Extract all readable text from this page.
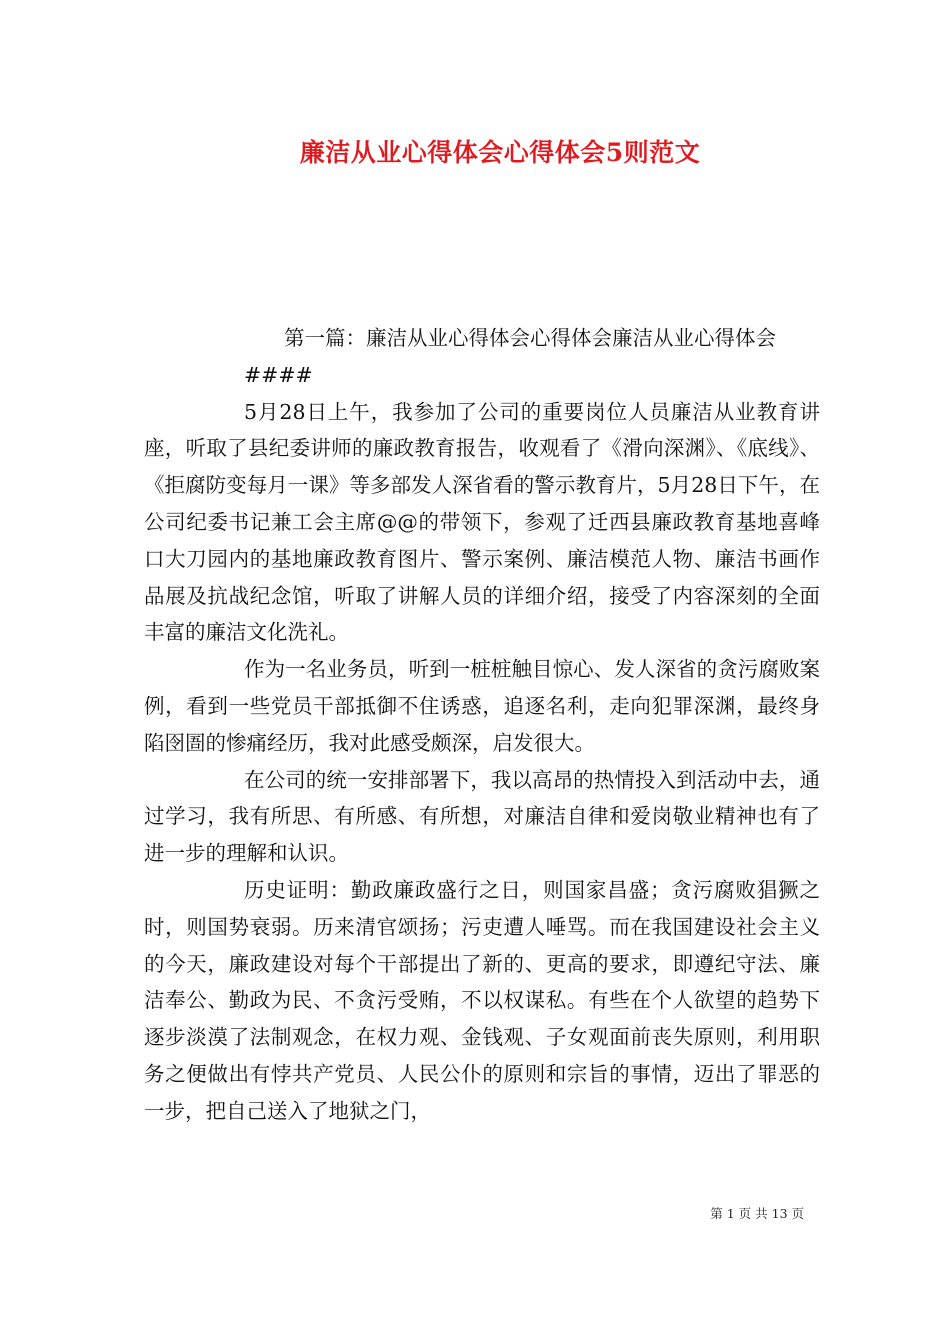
廉洁从业心得体会心得体会5则范文

第一篇：廉洁从业心得体会心得体会廉洁从业心得体会

####

5月28日上午，我参加了公司的重要岗位人员廉洁从业教育讲座，听取了县纪委讲师的廉政教育报告，收观看了《滑向深渊》、《底线》、《拒腐防变每月一课》等多部发人深省看的警示教育片，5月28日下午，在公司纪委书记兼工会主席@@的带领下，参观了迁西县廉政教育基地喜峰口大刀园内的基地廉政教育图片、警示案例、廉洁模范人物、廉洁书画作品展及抗战纪念馆，听取了讲解人员的详细介绍，接受了内容深刻的全面丰富的廉洁文化洗礼。

作为一名业务员，听到一桩桩触目惊心、发人深省的贪污腐败案例，看到一些党员干部抵御不住诱惑，追逐名利，走向犯罪深渊，最终身陷囹圄的惨痛经历，我对此感受颇深，启发很大。

在公司的统一安排部署下，我以高昂的热情投入到活动中去，通过学习，我有所思、有所感、有所想，对廉洁自律和爱岗敬业精神也有了进一步的理解和认识。

历史证明：勤政廉政盛行之日，则国家昌盛；贪污腐败猖獗之时，则国势衰弱。历来清官颂扬；污吏遭人唾骂。而在我国建设社会主义的今天，廉政建设对每个干部提出了新的、更高的要求，即遵纪守法、廉洁奉公、勤政为民、不贪污受贿，不以权谋私。有些在个人欲望的趋势下逐步淡漠了法制观念，在权力观、金钱观、子女观面前丧失原则，利用职务之便做出有悖共产党员、人民公仆的原则和宗旨的事情，迈出了罪恶的一步，把自己送入了地狱之门，

第 1 页 共 13 页
